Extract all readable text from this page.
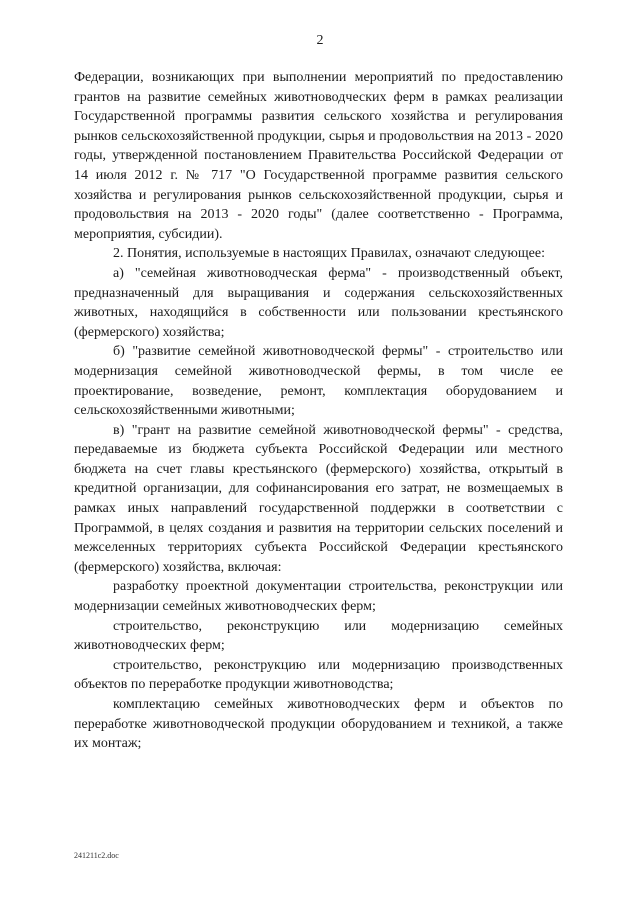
2

Федерации, возникающих при выполнении мероприятий по предоставлению грантов на развитие семейных животноводческих ферм в рамках реализации Государственной программы развития сельского хозяйства и регулирования рынков сельскохозяйственной продукции, сырья и продовольствия на 2013 - 2020 годы, утвержденной постановлением Правительства Российской Федерации от 14 июля 2012 г. № 717 "О Государственной программе развития сельского хозяйства и регулирования рынков сельскохозяйственной продукции, сырья и продовольствия на 2013 - 2020 годы" (далее соответственно - Программа, мероприятия, субсидии).

2. Понятия, используемые в настоящих Правилах, означают следующее:

а) "семейная животноводческая ферма" - производственный объект, предназначенный для выращивания и содержания сельскохозяйственных животных, находящийся в собственности или пользовании крестьянского (фермерского) хозяйства;

б) "развитие семейной животноводческой фермы" - строительство или модернизация семейной животноводческой фермы, в том числе ее проектирование, возведение, ремонт, комплектация оборудованием и сельскохозяйственными животными;

в) "грант на развитие семейной животноводческой фермы" - средства, передаваемые из бюджета субъекта Российской Федерации или местного бюджета на счет главы крестьянского (фермерского) хозяйства, открытый в кредитной организации, для софинансирования его затрат, не возмещаемых в рамках иных направлений государственной поддержки в соответствии с Программой, в целях создания и развития на территории сельских поселений и межселенных территориях субъекта Российской Федерации крестьянского (фермерского) хозяйства, включая:

разработку проектной документации строительства, реконструкции или модернизации семейных животноводческих ферм;

строительство, реконструкцию или модернизацию семейных животноводческих ферм;

строительство, реконструкцию или модернизацию производственных объектов по переработке продукции животноводства;

комплектацию семейных животноводческих ферм и объектов по переработке животноводческой продукции оборудованием и техникой, а также их монтаж;

241211c2.doc
